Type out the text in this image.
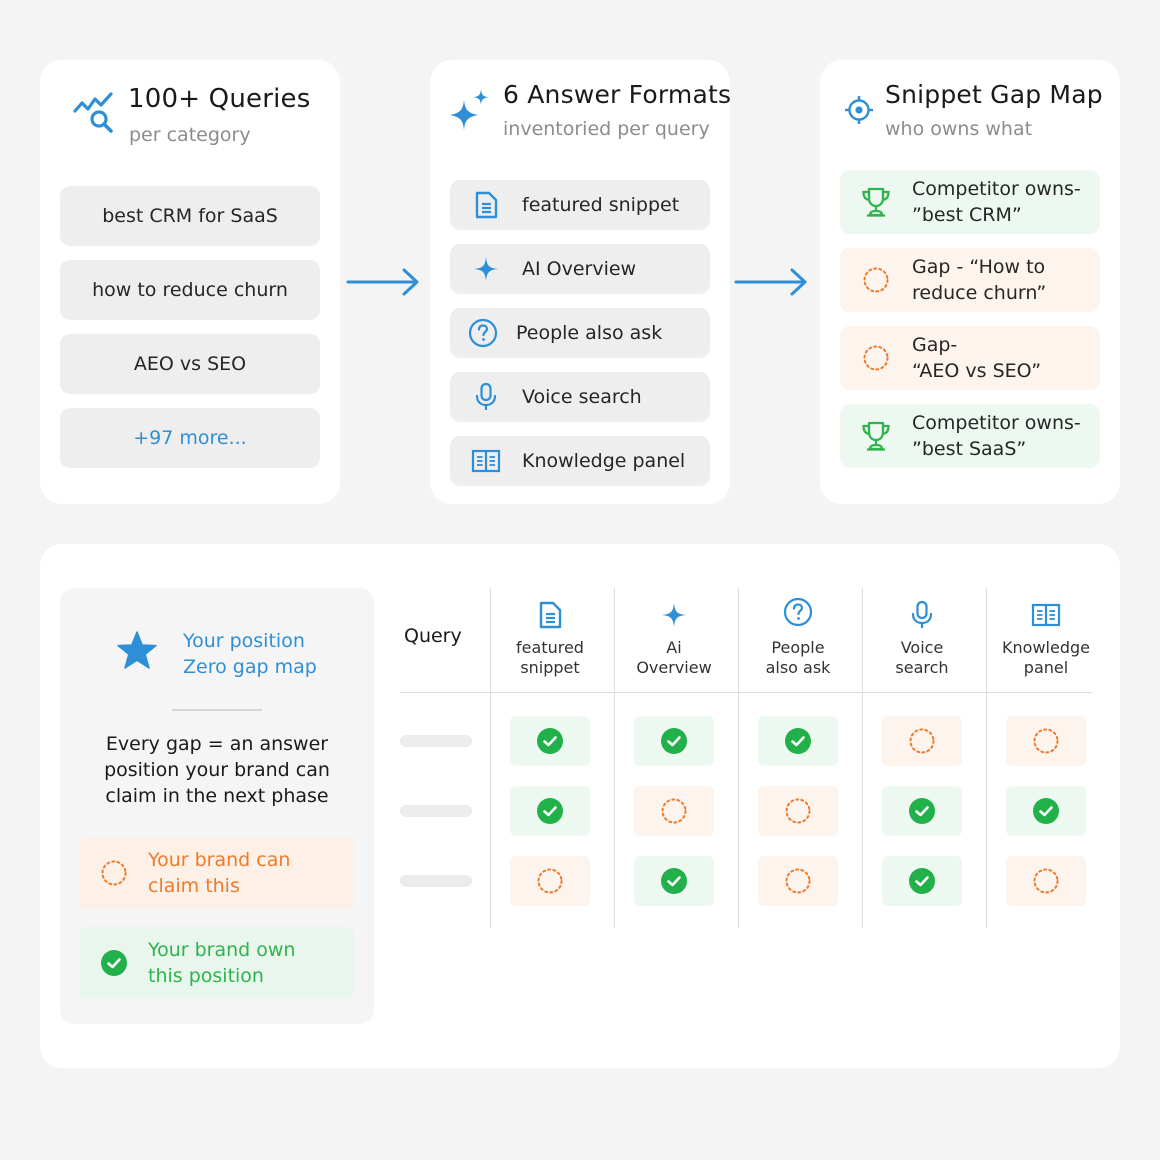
100+ Queries
per category
best CRM for SaaS
how to reduce churn
AEO vs SEO
+97 more...
6 Answer Formats
inventoried per query
featured snippet
AI Overview
People also ask
Voice search
Knowledge panel
Snippet Gap Map
who owns what
Competitor owns-
”best CRM”
Gap - “How to
reduce churn”
Gap-
“AEO vs SEO”
Competitor owns-
”best SaaS”
Your position
Zero gap map
Every gap = an answer
position your brand can
claim in the next phase
Your brand can
claim this
Your brand own
this position
Query
featured
snippet
Ai
Overview
People
also ask
Voice
search
Knowledge
panel
